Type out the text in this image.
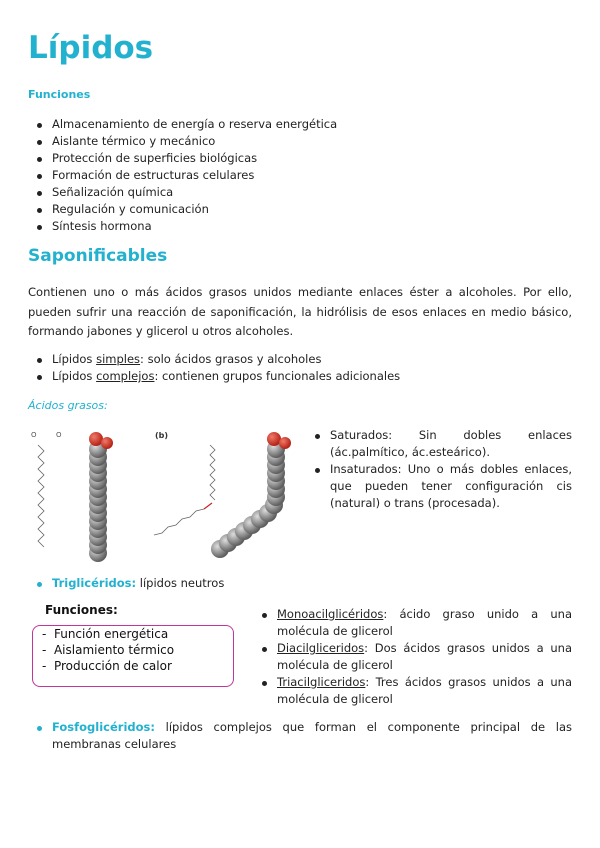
Lípidos
Funciones
Almacenamiento de energía o reserva energética
Aislante térmico y mecánico
Protección de superficies biológicas
Formación de estructuras celulares
Señalización química
Regulación y comunicación
Síntesis hormona
Saponificables
Contienen uno o más ácidos grasos unidos mediante enlaces éster a alcoholes. Por ello, pueden sufrir una reacción de saponificación, la hidrólisis de esos enlaces en medio básico, formando jabones y glicerol u otros alcoholes.
Lípidos simples: solo ácidos grasos y alcoholes
Lípidos complejos: contienen grupos funcionales adicionales
Ácidos grasos:
O	O	(b)	Saturados: Sin dobles enlaces (ác.palmítico, ác.esteárico).
Insaturados: Uno o más dobles enlaces, que pueden tener configuración cis (natural) o trans (procesada).
Triglicéridos: lípidos neutros
Funciones:
-  Función energética
-  Aislamiento térmico
-  Producción de calor
Monoacilglicéridos: ácido graso unido a una molécula de glicerol
Diacilgliceridos: Dos ácidos grasos unidos a una molécula de glicerol
Triacilgliceridos: Tres ácidos grasos unidos a una molécula de glicerol
Fosfoglicéridos: lípidos complejos que forman el componente principal de las membranas celulares
